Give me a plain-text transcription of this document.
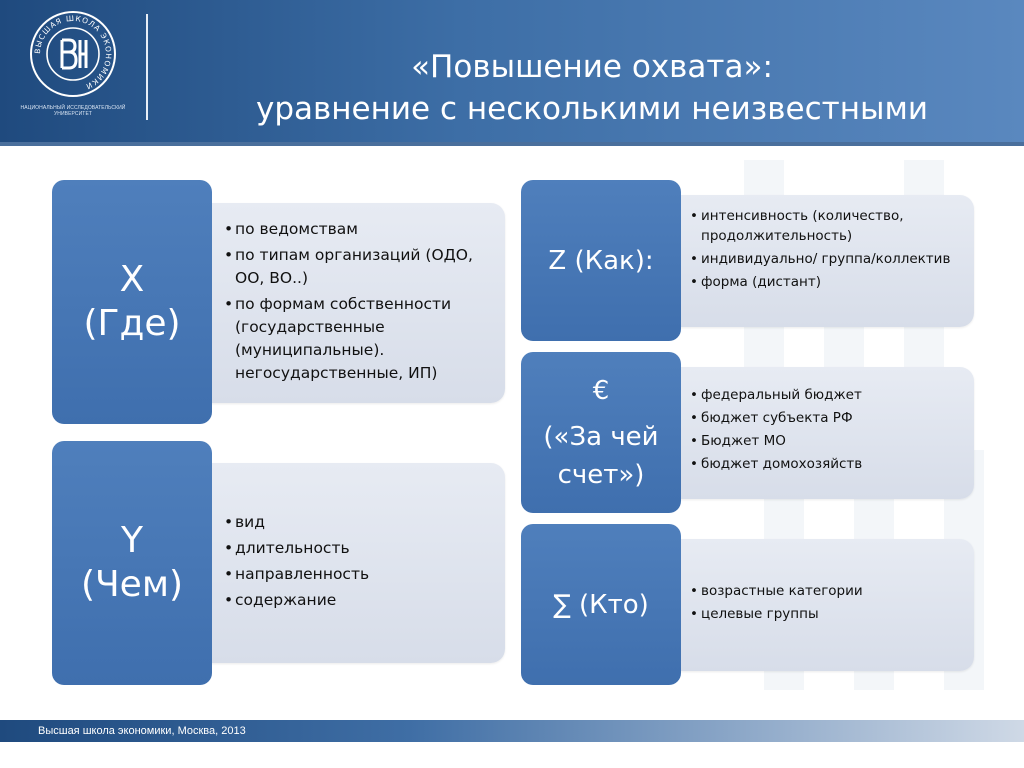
ВЫСШАЯ ШКОЛА ЭКОНОМИКИ
НАЦИОНАЛЬНЫЙ ИССЛЕДОВАТЕЛЬСКИЙ
УНИВЕРСИТЕТ
«Повышение охвата»:
уравнение с несколькими неизвестными
X
(Где)
• по ведомствам
• по типам организаций (ОДО, ОО, ВО..)
• по формам собственности (государственные (муниципальные). негосударственные, ИП)
Y
(Чем)
• вид
• длительность
• направленность
• содержание
Z (Как):
• интенсивность (количество, продолжительность)
• индивидуально/ группа/коллектив
• форма (дистант)
€
(«За чей
счет»)
• федеральный бюджет
• бюджет субъекта РФ
• Бюджет МО
• бюджет домохозяйств
∑ (Кто)
•	возрастные категории
• целевые группы
Высшая школа экономики, Москва, 2013
